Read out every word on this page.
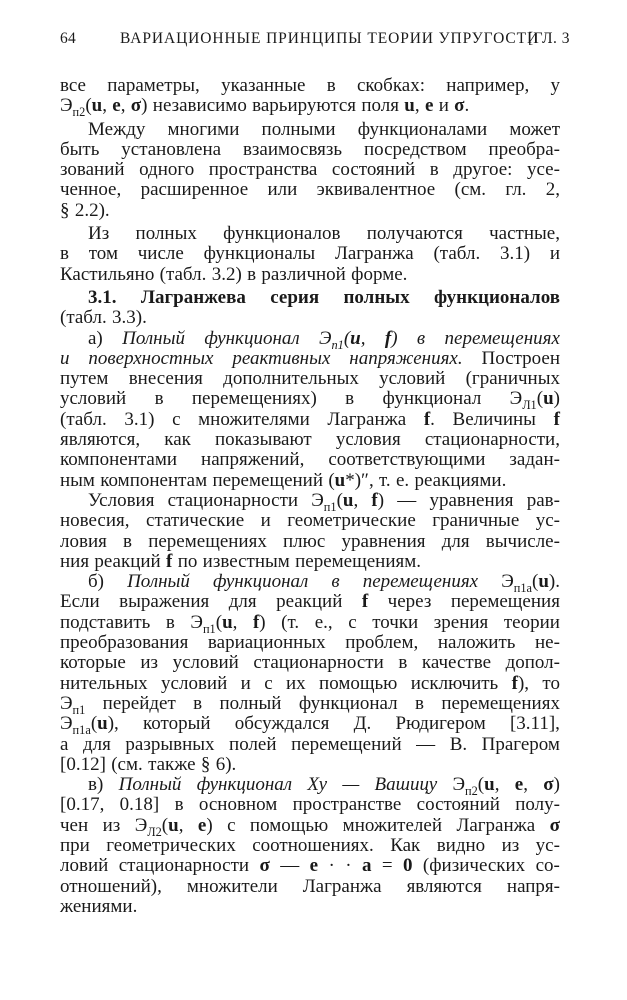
64	ВАРИАЦИОННЫЕ ПРИНЦИПЫ ТЕОРИИ УПРУГОСТИ
[ГЛ. 3
все параметры, указанные в скобках: например, у
$Э_{п2}(u$, e, σ) независимо варьируются поля u, e и σ.
Между многими полными функционалами может
быть установлена взаимосвязь посредством преобра-
зований одного пространства состояний в другое: усе-
ченное, расширенное или эквивалентное (см. гл. 2,
§ 2.2).
Из полных функционалов получаются частные,
в том числе функционалы Лагранжа (табл. 3.1) и
Кастильяно (табл. 3.2) в различной форме.
3.1. Лагранжева серия полных функционалов
(табл. 3.3).
а) Полный функционал $Э_{п1}(u$, f) в перемещениях
и поверхностных реактивных напряжениях. Построен
путем внесения дополнительных условий (граничных
условий в перемещениях) в функционал $Э_{Л1}(u)$
(табл. 3.1) с множителями Лагранжа f. Величины f
являются, как показывают условия стационарности,
компонентами напряжений, соответствующими задан-
ным компонентам перемещений (u*)″, т. е. реакциями.
Условия стационарности $Э_{п1}(u$, f) — уравнения рав-
новесия, статические и геометрические граничные ус-
ловия в перемещениях плюс уравнения для вычисле-
ния реакций f по известным перемещениям.
б) Полный функционал в перемещениях $Э_{п1a}(u)$.
Если выражения для реакций f через перемещения
подставить в $Э_{п1}(u$, f) (т. е., с точки зрения теории
преобразования вариационных проблем, наложить не-
которые из условий стационарности в качестве допол-
нительных условий и с их помощью исключить f), то
$Э_{п1}$ перейдет в полный функционал в перемещениях
$Э_{п1a}(u)$, который обсуждался Д. Рюдигером [3.11],
а для разрывных полей перемещений — В. Прагером
[0.12] (см. также § 6).
в) Полный функционал Ху — Вашицу $Э_{п2}(u$, e, σ)
[0.17, 0.18] в основном пространстве состояний полу-
чен из $Э_{Л2}(u$, e) с помощью множителей Лагранжа σ
при геометрических соотношениях. Как видно из ус-
ловий стационарности σ — e · · a = 0 (физических со-
отношений), множители Лагранжа являются напря-
жениями.
